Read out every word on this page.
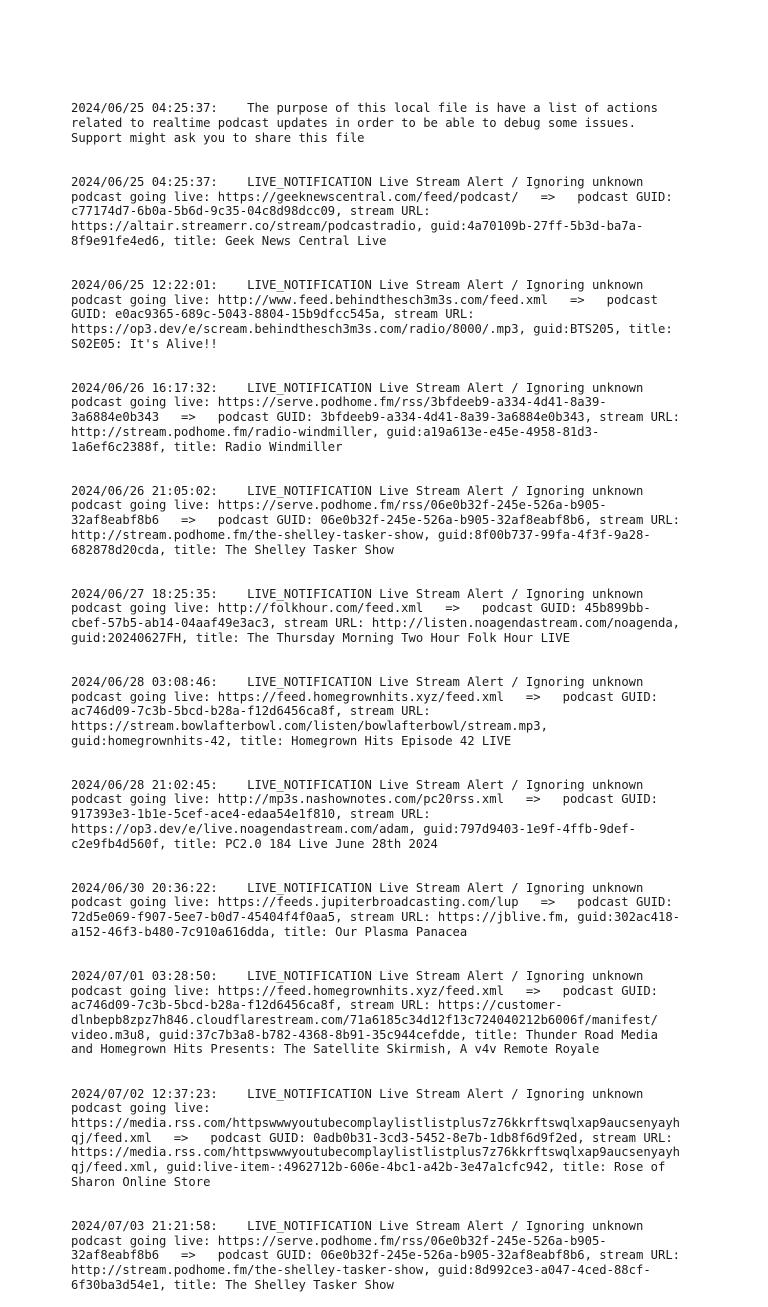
2024/06/25 04:25:37: The purpose of this local file is have a list of actions
related to realtime podcast updates in order to be able to debug some issues.
Support might ask you to share this file

2024/06/25 04:25:37: LIVE_NOTIFICATION Live Stream Alert / Ignoring unknown
podcast going live: https://geeknewscentral.com/feed/podcast/   =>   podcast GUID:
c77174d7-6b0a-5b6d-9c35-04c8d98dcc09, stream URL:
https://altair.streamerr.co/stream/podcastradio, guid:4a70109b-27ff-5b3d-ba7a-
8f9e91fe4ed6, title: Geek News Central Live

2024/06/25 12:22:01: LIVE_NOTIFICATION Live Stream Alert / Ignoring unknown
podcast going live: http://www.feed.behindthesch3m3s.com/feed.xml   =>   podcast
GUID: e0ac9365-689c-5043-8804-15b9dfcc545a, stream URL:
https://op3.dev/e/scream.behindthesch3m3s.com/radio/8000/.mp3, guid:BTS205, title:
S02E05: It's Alive!!

2024/06/26 16:17:32: LIVE_NOTIFICATION Live Stream Alert / Ignoring unknown
podcast going live: https://serve.podhome.fm/rss/3bfdeeb9-a334-4d41-8a39-
3a6884e0b343   =>   podcast GUID: 3bfdeeb9-a334-4d41-8a39-3a6884e0b343, stream URL:
http://stream.podhome.fm/radio-windmiller, guid:a19a613e-e45e-4958-81d3-
1a6ef6c2388f, title: Radio Windmiller

2024/06/26 21:05:02: LIVE_NOTIFICATION Live Stream Alert / Ignoring unknown
podcast going live: https://serve.podhome.fm/rss/06e0b32f-245e-526a-b905-
32af8eabf8b6   =>   podcast GUID: 06e0b32f-245e-526a-b905-32af8eabf8b6, stream URL:
http://stream.podhome.fm/the-shelley-tasker-show, guid:8f00b737-99fa-4f3f-9a28-
682878d20cda, title: The Shelley Tasker Show

2024/06/27 18:25:35: LIVE_NOTIFICATION Live Stream Alert / Ignoring unknown
podcast going live: http://folkhour.com/feed.xml   =>   podcast GUID: 45b899bb-
cbef-57b5-ab14-04aaf49e3ac3, stream URL: http://listen.noagendastream.com/noagenda,
guid:20240627FH, title: The Thursday Morning Two Hour Folk Hour LIVE

2024/06/28 03:08:46: LIVE_NOTIFICATION Live Stream Alert / Ignoring unknown
podcast going live: https://feed.homegrownhits.xyz/feed.xml   =>   podcast GUID:
ac746d09-7c3b-5bcd-b28a-f12d6456ca8f, stream URL:
https://stream.bowlafterbowl.com/listen/bowlafterbowl/stream.mp3,
guid:homegrownhits-42, title: Homegrown Hits Episode 42 LIVE

2024/06/28 21:02:45: LIVE_NOTIFICATION Live Stream Alert / Ignoring unknown
podcast going live: http://mp3s.nashownotes.com/pc20rss.xml   =>   podcast GUID:
917393e3-1b1e-5cef-ace4-edaa54e1f810, stream URL:
https://op3.dev/e/live.noagendastream.com/adam, guid:797d9403-1e9f-4ffb-9def-
c2e9fb4d560f, title: PC2.0 184 Live June 28th 2024

2024/06/30 20:36:22: LIVE_NOTIFICATION Live Stream Alert / Ignoring unknown
podcast going live: https://feeds.jupiterbroadcasting.com/lup   =>   podcast GUID:
72d5e069-f907-5ee7-b0d7-45404f4f0aa5, stream URL: https://jblive.fm, guid:302ac418-
a152-46f3-b480-7c910a616dda, title: Our Plasma Panacea

2024/07/01 03:28:50: LIVE_NOTIFICATION Live Stream Alert / Ignoring unknown
podcast going live: https://feed.homegrownhits.xyz/feed.xml   =>   podcast GUID:
ac746d09-7c3b-5bcd-b28a-f12d6456ca8f, stream URL: https://customer-
dlnbepb8zpz7h846.cloudflarestream.com/71a6185c34d12f13c724040212b6006f/manifest/
video.m3u8, guid:37c7b3a8-b782-4368-8b91-35c944cefdde, title: Thunder Road Media
and Homegrown Hits Presents: The Satellite Skirmish, A v4v Remote Royale

2024/07/02 12:37:23: LIVE_NOTIFICATION Live Stream Alert / Ignoring unknown
podcast going live:
https://media.rss.com/httpswwwyoutubecomplaylistlistplus7z76kkrftswqlxap9aucsenyayh
qj/feed.xml   =>   podcast GUID: 0adb0b31-3cd3-5452-8e7b-1db8f6d9f2ed, stream URL:
https://media.rss.com/httpswwwyoutubecomplaylistlistplus7z76kkrftswqlxap9aucsenyayh
qj/feed.xml, guid:live-item-:4962712b-606e-4bc1-a42b-3e47a1cfc942, title: Rose of
Sharon Online Store

2024/07/03 21:21:58: LIVE_NOTIFICATION Live Stream Alert / Ignoring unknown
podcast going live: https://serve.podhome.fm/rss/06e0b32f-245e-526a-b905-
32af8eabf8b6   =>   podcast GUID: 06e0b32f-245e-526a-b905-32af8eabf8b6, stream URL:
http://stream.podhome.fm/the-shelley-tasker-show, guid:8d992ce3-a047-4ced-88cf-
6f30ba3d54e1, title: The Shelley Tasker Show
